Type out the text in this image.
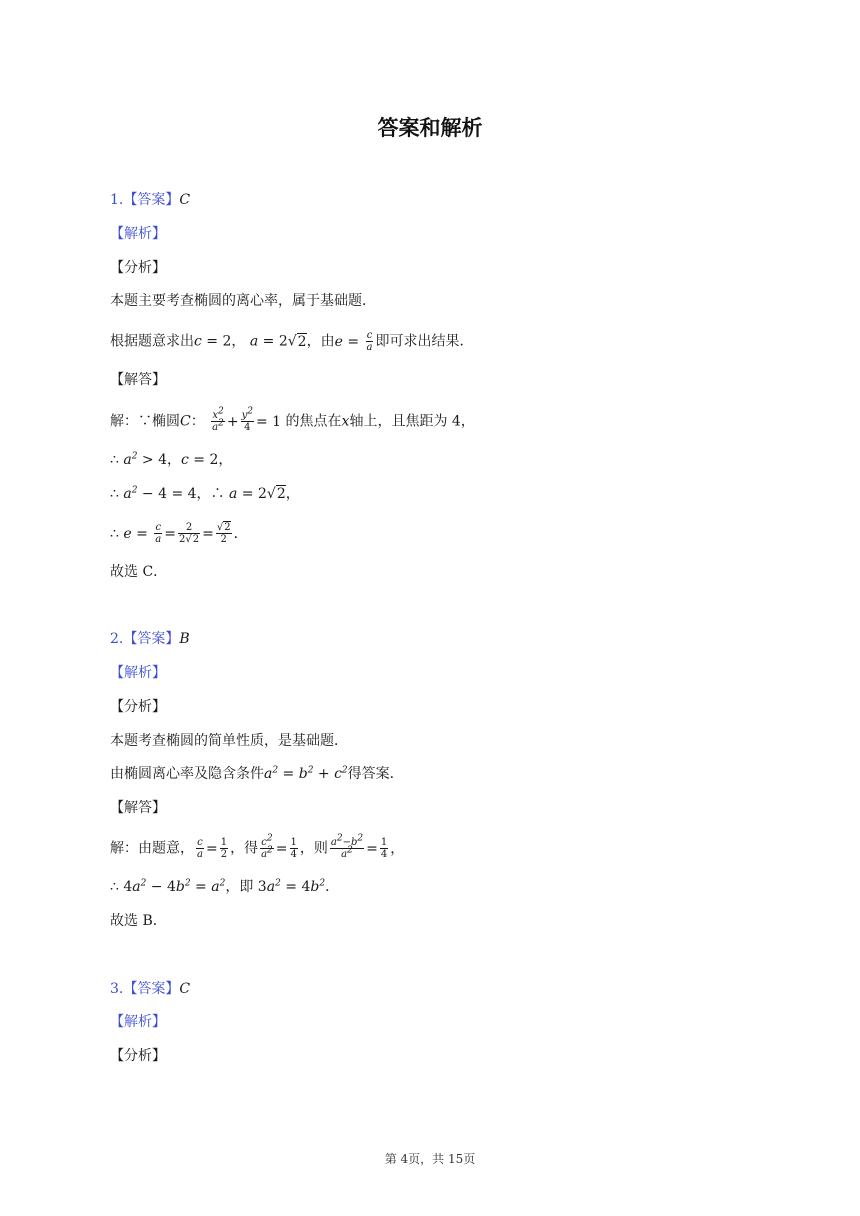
答案和解析
1.【答案】C
【解析】
【分析】
本题主要考查椭圆的离心率，属于基础题．
根据题意求出c = 2， a = 2√2，由$e = \frac{c}{a}$ 即可求出结果．
【解答】
解：∵椭圆C： $\frac{x^2}{a^2} + \frac{y^2}{4} = 1$ 的焦点在x轴上，且焦距为 4，
∴ $a^2 > 4$，c = 2，
∴ $a^2 - 4 = 4$，∴ a = 2√2，
∴ $e = \frac{c}{a} = \frac{2}{2√2} = \frac{√2}{2}$ ．
故选 C．
2.【答案】B
【解析】
【分析】
本题考查椭圆的简单性质，是基础题．
由椭圆离心率及隐含条件$a^2 = b^2 + c^2$得答案．
【解答】
解：由题意， $\frac{c}{a} = \frac{1}{2}$ ，得 $\frac{c^2}{a^2} = \frac{1}{4}$ ，则 $\frac{a^2-b^2}{a^2} = \frac{1}{4}$ ，
∴ $4a^2 - 4b^2 = a^2$，即 $3a^2 = 4b^2$．
故选 B．
3.【答案】C
【解析】
【分析】
第 4页，共 15页
